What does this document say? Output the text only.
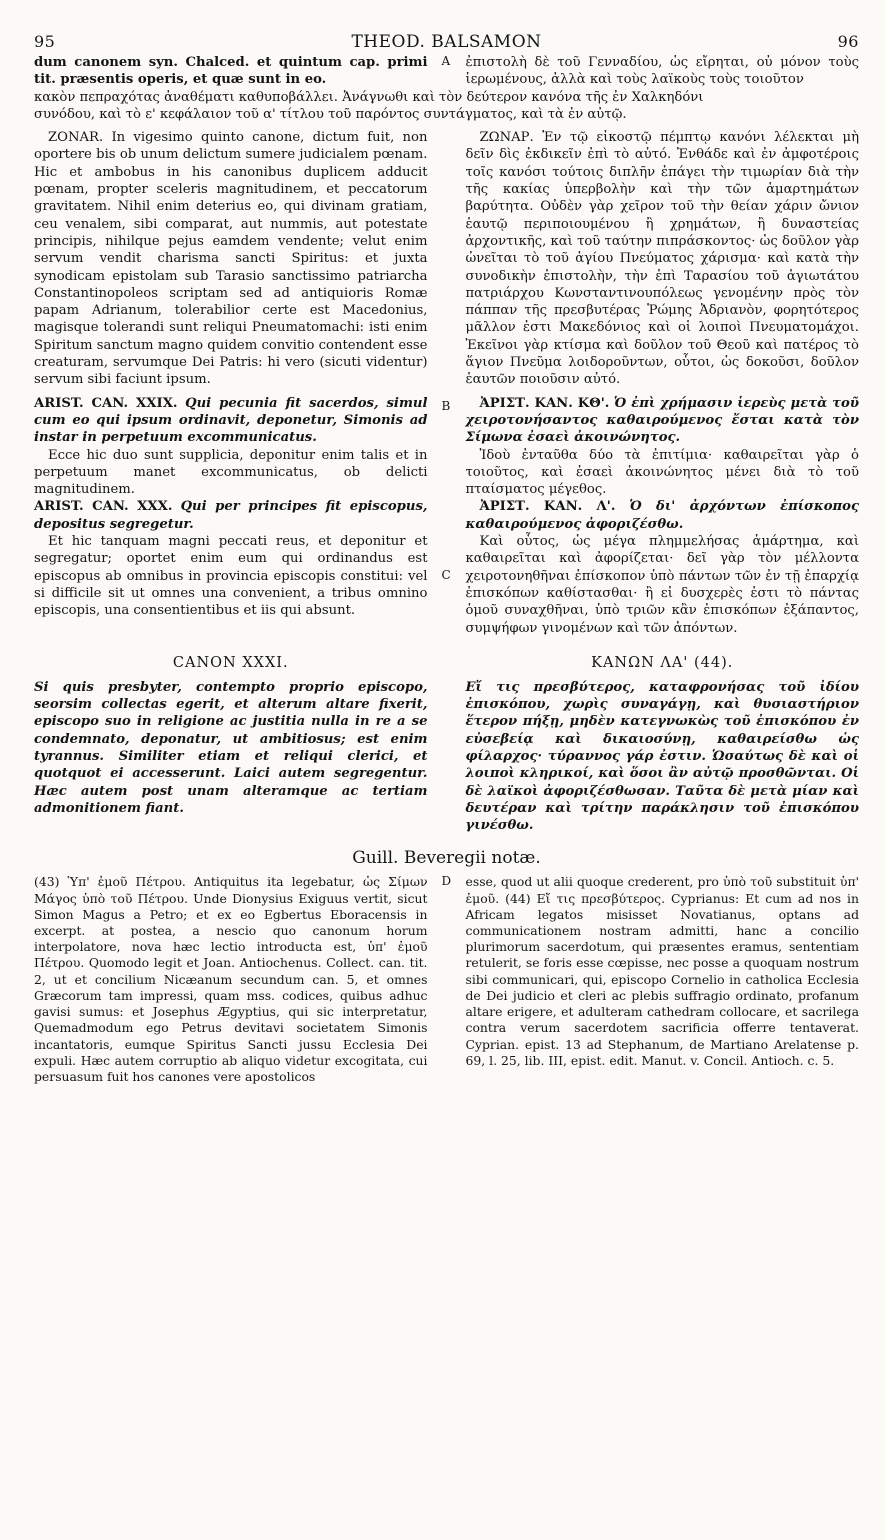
95	THEOD. BALSAMON	96

dum canonem syn. Chalced. et quintum cap. primi tit. præsentis operis, et quæ sunt in eo.

A ἐπιστολὴ δὲ τοῦ Γενναδίου, ὡς εἴρηται, οὐ μόνον τοὺς ἱερωμένους, ἀλλὰ καὶ τοὺς λαϊκοὺς τοὺς τοιοῦτον

κακὸν πεπραχότας ἀναθέματι καθυποβάλλει. Ἀνάγνωθι καὶ τὸν δεύτερον κανόνα τῆς ἐν Χαλκηδόνι

συνόδου, καὶ τὸ ε' κεφάλαιον τοῦ α' τίτλου τοῦ παρόντος συντάγματος, καὶ τὰ ἐν αὐτῷ.

ZONAR. In vigesimo quinto canone, dictum fuit, non oportere bis ob unum delictum sumere judicialem pœnam. Hic et ambobus in his canonibus duplicem adducit pœnam, propter sceleris magnitudinem, et peccatorum gravitatem. Nihil enim deterius eo, qui divinam gratiam, ceu venalem, sibi comparat, aut nummis, aut potestate principis, nihilque pejus eamdem vendente; velut enim servum vendit charisma sancti Spiritus: et juxta synodicam epistolam sub Tarasio sanctissimo patriarcha Constantinopoleos scriptam sed ad antiquioris Romæ papam Adrianum, tolerabilior certe est Macedonius, magisque tolerandi sunt reliqui Pneumatomachi: isti enim Spiritum sanctum magno quidem convitio contendent esse creaturam, servumque Dei Patris: hi vero (sicuti videntur) servum sibi faciunt ipsum.

B

ΖΩΝΑΡ. Ἐν τῷ εἰκοστῷ πέμπτῳ κανόνι λέλεκται μὴ δεῖν δὶς ἐκδικεῖν ἐπὶ τὸ αὐτό. Ἐνθάδε καὶ ἐν ἀμφοτέροις τοῖς κανόσι τούτοις διπλῆν ἐπάγει τὴν τιμωρίαν διὰ τὴν τῆς κακίας ὑπερβολὴν καὶ τὴν τῶν ἁμαρτημάτων βαρύτητα. Οὐδὲν γὰρ χεῖρον τοῦ τὴν θείαν χάριν ὤνιον ἑαυτῷ περιποιουμένου ἢ χρημάτων, ἢ δυναστείας ἀρχοντικῆς, καὶ τοῦ ταύτην πιπράσκοντος· ὡς δοῦλον γὰρ ὠνεῖται τὸ τοῦ ἁγίου Πνεύματος χάρισμα· καὶ κατὰ τὴν συνοδικὴν ἐπιστολὴν, τὴν ἐπὶ Ταρασίου τοῦ ἁγιωτάτου πατριάρχου Κωνσταντινουπόλεως γενομένην πρὸς τὸν πάππαν τῆς πρεσβυτέρας Ῥώμης Ἀδριανὸν, φορητότερος μᾶλλον ἐστι Μακεδόνιος καὶ οἱ λοιποὶ Πνευματομάχοι. Ἐκεῖνοι γὰρ κτίσμα καὶ δοῦλον τοῦ Θεοῦ καὶ πατέρος τὸ ἅγιον Πνεῦμα λοιδοροῦντων, οὗτοι, ὡς δοκοῦσι, δοῦλον ἑαυτῶν ποιοῦσιν αὐτό.

ARIST. CAN. XXIX. Qui pecunia fit sacerdos, simul cum eo qui ipsum ordinavit, deponetur, Simonis ad instar in perpetuum excommunicatus.

Ecce hic duo sunt supplicia, deponitur enim talis et in perpetuum manet excommunicatus, ob delicti magnitudinem.

ἈΡΙΣΤ. ΚΑΝ. ΚΘ'. Ὁ ἐπὶ χρήμασιν ἱερεὺς μετὰ τοῦ χειροτονήσαντος καθαιρούμενος ἔσται κατὰ τὸν Σίμωνα ἐσαεὶ ἀκοινώνητος.

Ἰδοὺ ἐνταῦθα δύο τὰ ἐπιτίμια· καθαιρεῖται γὰρ ὁ τοιοῦτος, καὶ ἐσαεὶ ἀκοινώνητος μένει διὰ τὸ τοῦ πταίσματος μέγεθος.

ARIST. CAN. XXX. Qui per principes fit episcopus, depositus segregetur.

Et hic tanquam magni peccati reus, et deponitur et segregatur; oportet enim eum qui ordinandus est episcopus ab omnibus in provincia episcopis constitui: vel si difficile sit ut omnes una convenient, a tribus omnino episcopis, una consentientibus et iis qui absunt.

C

ἈΡΙΣΤ. ΚΑΝ. Λ'. Ὁ δι' ἀρχόντων ἐπίσκοπος καθαιρούμενος ἀφοριζέσθω.

Καὶ οὗτος, ὡς μέγα πλημμελήσας ἁμάρτημα, καὶ καθαιρεῖται καὶ ἀφορίζεται· δεῖ γὰρ τὸν μέλλοντα χειροτονηθῆναι ἐπίσκοπον ὑπὸ πάντων τῶν ἐν τῇ ἐπαρχίᾳ ἐπισκόπων καθίστασθαι· ἢ εἰ δυσχερὲς ἐστι τὸ πάντας ὁμοῦ συναχθῆναι, ὑπὸ τριῶν κἂν ἐπισκόπων ἐξάπαντος, συμψήφων γινομένων καὶ τῶν ἀπόντων.

CANON XXXI.

Si quis presbyter, contempto proprio episcopo, seorsim collectas egerit, et alterum altare fixerit, episcopo suo in religione ac justitia nulla in re a se condemnato, deponatur, ut ambitiosus; est enim tyrannus. Similiter etiam et reliqui clerici, et quotquot ei accesserunt. Laici autem segregentur. Hæc autem post unam alteramque ac tertiam admonitionem fiant.

ΚΑΝΩΝ ΛΑ' (44).

Εἴ τις πρεσβύτερος, καταφρονήσας τοῦ ἰδίου ἐπισκόπου, χωρὶς συναγάγῃ, καὶ θυσιαστήριον ἕτερον πήξῃ, μηδὲν κατεγνωκὼς τοῦ ἐπισκόπου ἐν εὐσεβείᾳ καὶ δικαιοσύνῃ, καθαιρείσθω ὡς φίλαρχος· τύραννος γάρ ἐστιν. Ὡσαύτως δὲ καὶ οἱ λοιποὶ κληρικοί, καὶ ὅσοι ἂν αὐτῷ προσθῶνται. Οἱ δὲ λαϊκοὶ ἀφοριζέσθωσαν. Ταῦτα δὲ μετὰ μίαν καὶ δευτέραν καὶ τρίτην παράκλησιν τοῦ ἐπισκόπου γινέσθω.

Guill. Beveregii notæ.

(43) Ὑπ' ἐμοῦ Πέτρου. Antiquitus ita legebatur, ὡς Σίμων Μάγος ὑπὸ τοῦ Πέτρου. Unde Dionysius Exiguus vertit, sicut Simon Magus a Petro; et ex eo Egbertus Eboracensis in excerpt. at postea, a nescio quo canonum horum interpolatore, nova hæc lectio introducta est, ὑπ' ἐμοῦ Πέτρου. Quomodo legit et Joan. Antiochenus. Collect. can. tit. 2, ut et concilium Nicæanum secundum can. 5, et omnes Græcorum tam impressi, quam mss. codices, quibus adhuc gavisi sumus: et Josephus Ægyptius, qui sic interpretatur, Quemadmodum ego Petrus devitavi societatem Simonis incantatoris, eumque Spiritus Sancti jussu Ecclesia Dei expuli. Hæc autem corruptio ab aliquo videtur excogitata, cui persuasum fuit hos canones vere apostolicos

D esse, quod ut alii quoque crederent, pro ὑπὸ τοῦ substituit ὑπ' ἐμοῦ. (44) Εἴ τις πρεσβύτερος. Cyprianus: Et cum ad nos in Africam legatos misisset Novatianus, optans ad communicationem nostram admitti, hanc a concilio plurimorum sacerdotum, qui præsentes eramus, sententiam retulerit, se foris esse cœpisse, nec posse a quoquam nostrum sibi communicari, qui, episcopo Cornelio in catholica Ecclesia de Dei judicio et cleri ac plebis suffragio ordinato, profanum altare erigere, et adulteram cathedram collocare, et sacrilega contra verum sacerdotem sacrificia offerre tentaverat. Cyprian. epist. 13 ad Stephanum, de Martiano Arelatense p. 69, l. 25, lib. III, epist. edit. Manut. v. Concil. Antioch. c. 5.
